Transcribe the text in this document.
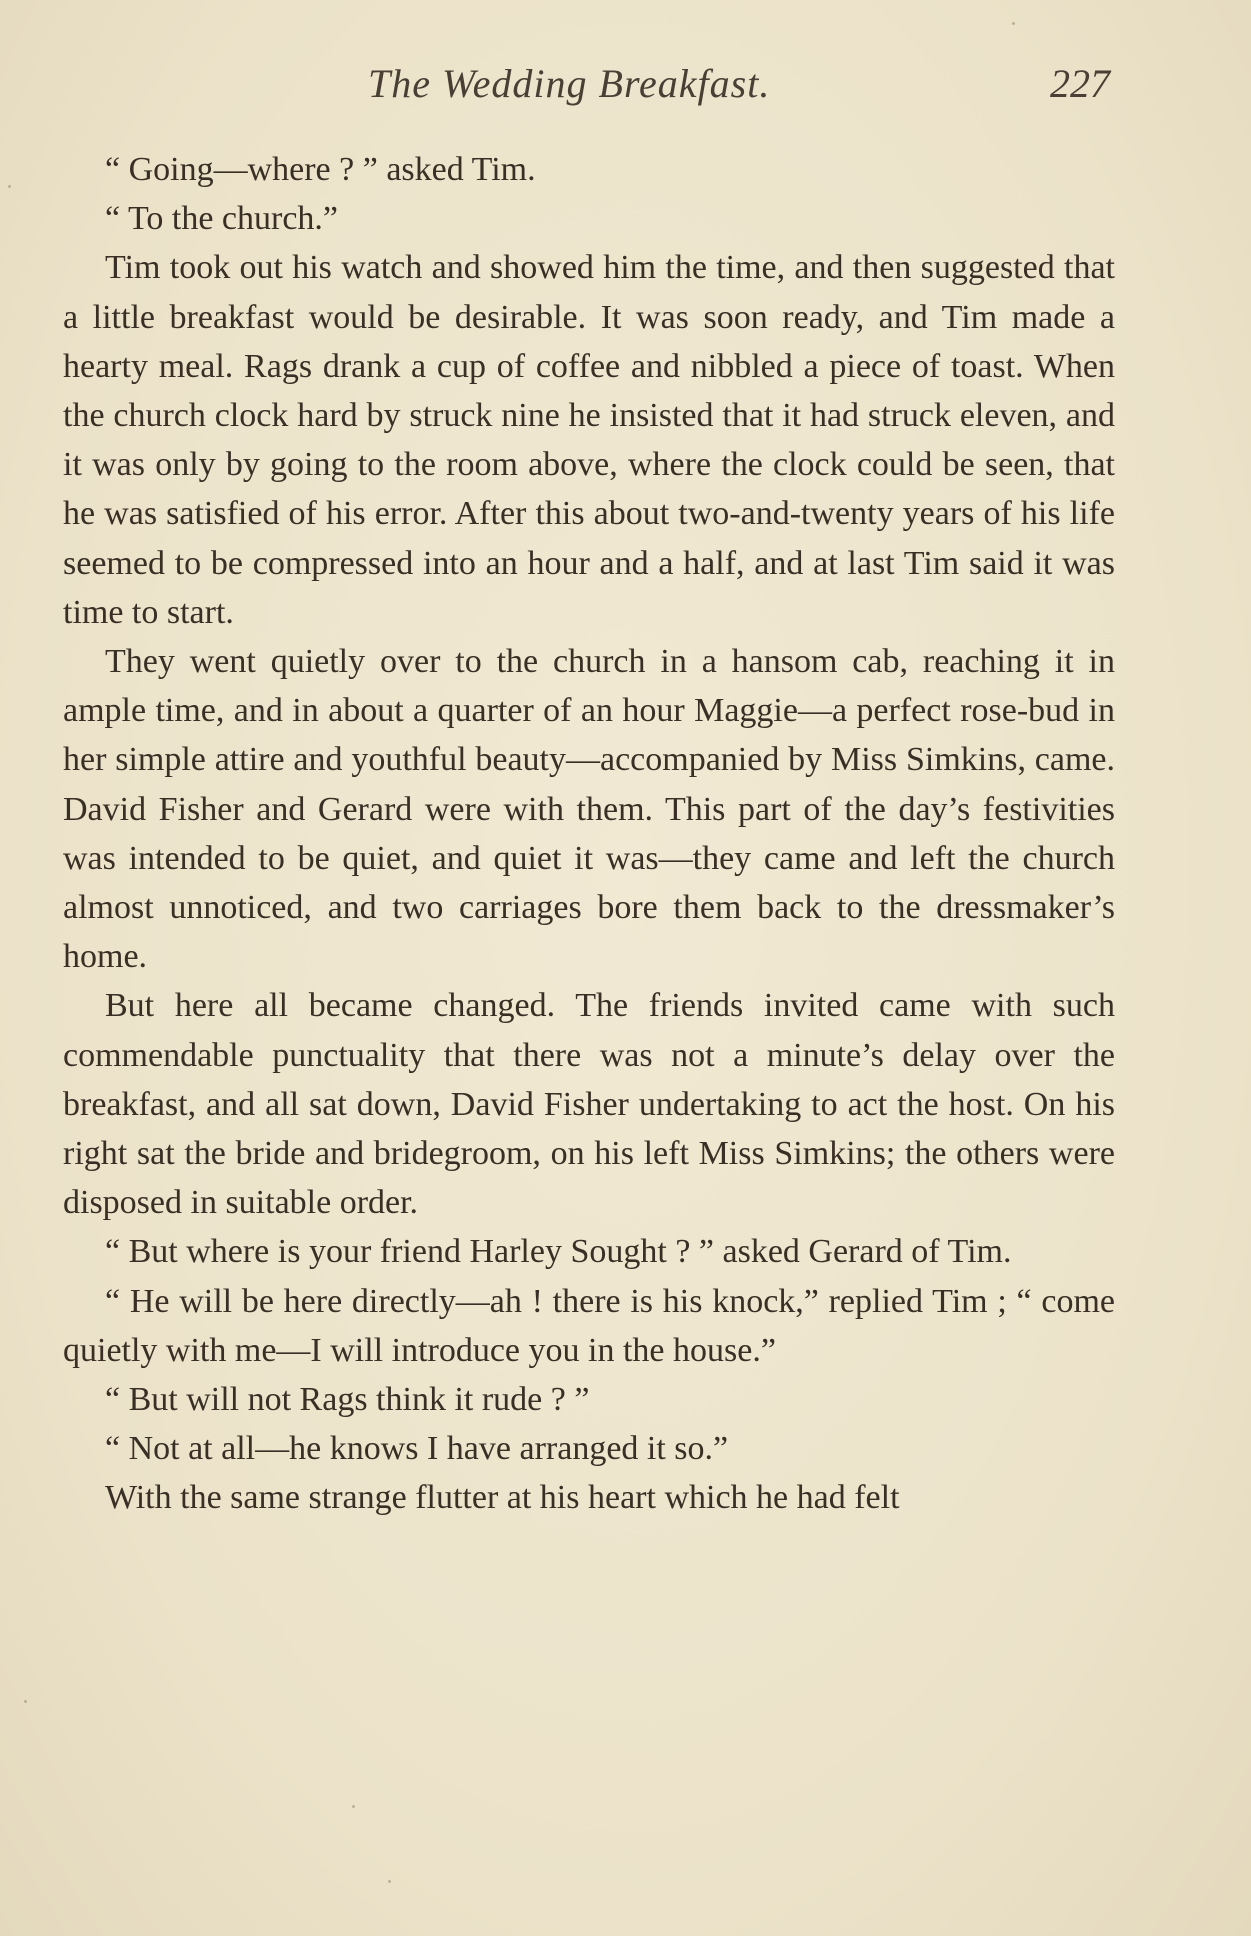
The Wedding Breakfast.	227

“ Going—where ? ” asked Tim.

“ To the church.”

Tim took out his watch and showed him the time, and then suggested that a little breakfast would be desirable. It was soon ready, and Tim made a hearty meal. Rags drank a cup of coffee and nibbled a piece of toast. When the church clock hard by struck nine he insisted that it had struck eleven, and it was only by going to the room above, where the clock could be seen, that he was satisfied of his error. After this about two-and-twenty years of his life seemed to be compressed into an hour and a half, and at last Tim said it was time to start.

They went quietly over to the church in a hansom cab, reaching it in ample time, and in about a quarter of an hour Maggie—a perfect rose-bud in her simple attire and youthful beauty—accompanied by Miss Simkins, came. David Fisher and Gerard were with them. This part of the day’s festivities was intended to be quiet, and quiet it was—they came and left the church almost unnoticed, and two carriages bore them back to the dressmaker’s home.

But here all became changed. The friends invited came with such commendable punctuality that there was not a minute’s delay over the breakfast, and all sat down, David Fisher undertaking to act the host. On his right sat the bride and bridegroom, on his left Miss Simkins; the others were disposed in suitable order.

“ But where is your friend Harley Sought ? ” asked Gerard of Tim.

“ He will be here directly—ah ! there is his knock,” replied Tim ; “ come quietly with me—I will introduce you in the house.”

“ But will not Rags think it rude ? ”

“ Not at all—he knows I have arranged it so.”

With the same strange flutter at his heart which he had felt
